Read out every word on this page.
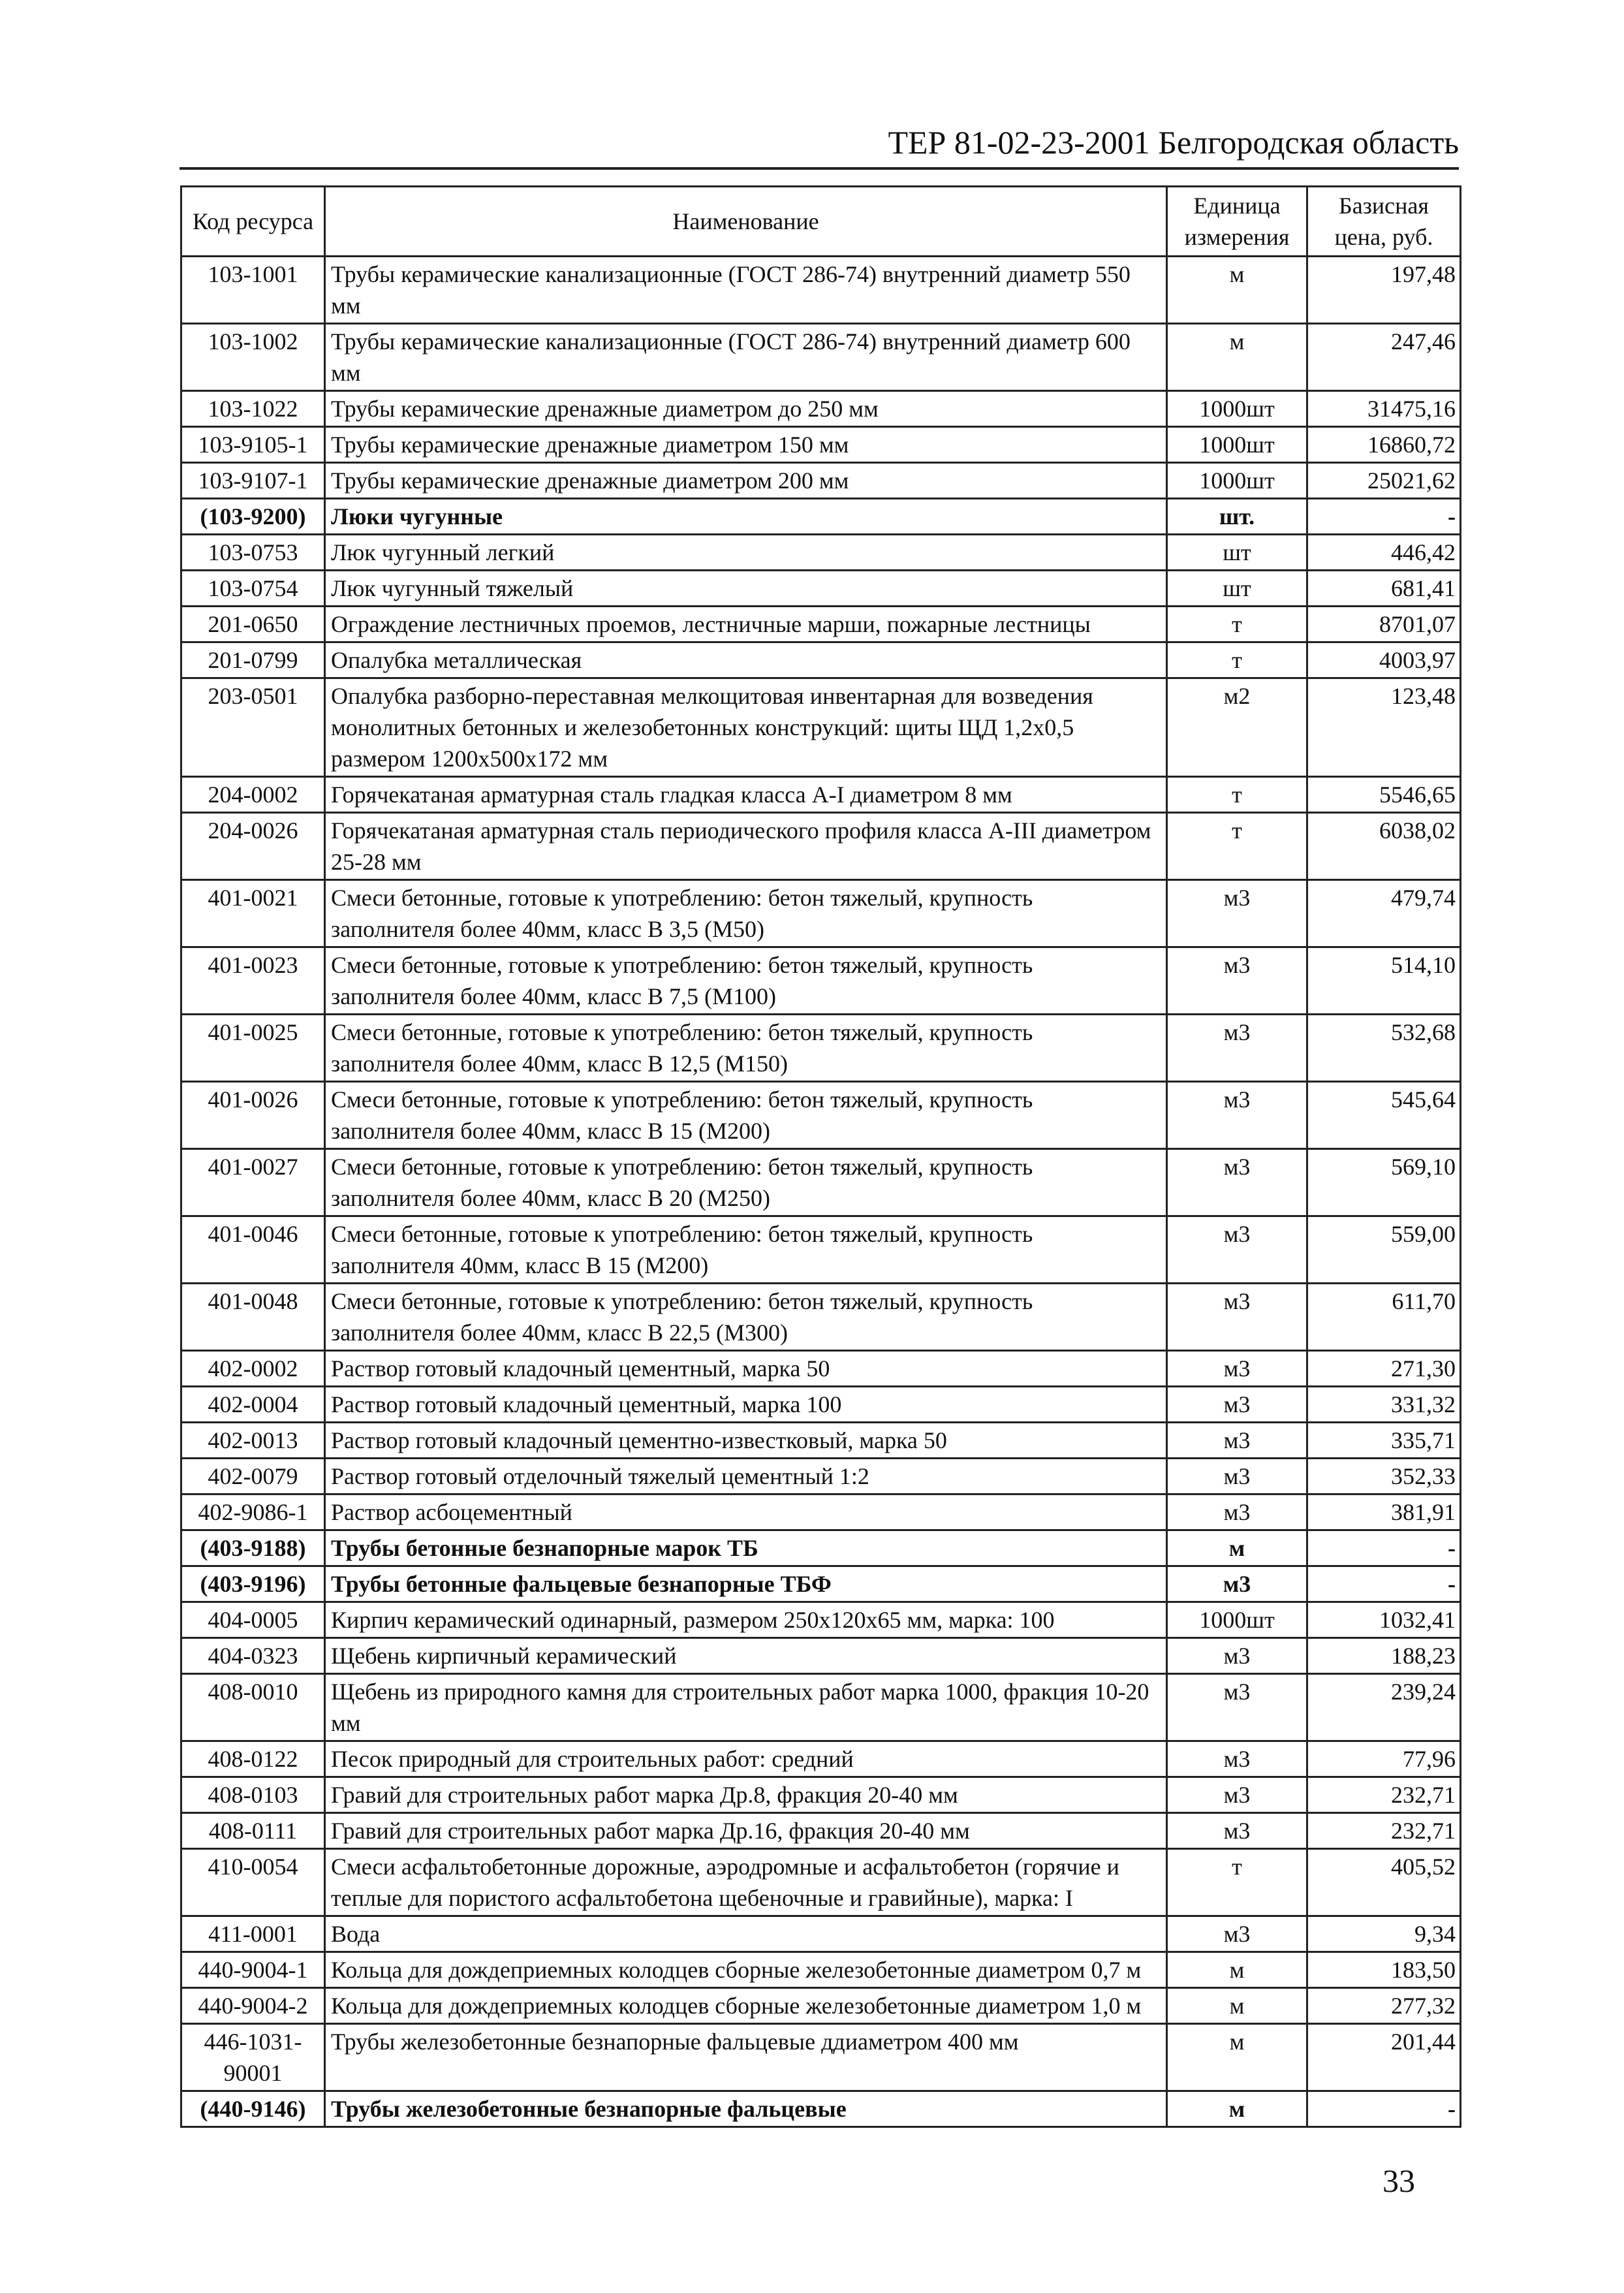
ТЕР 81-02-23-2001 Белгородская область
Код ресурса	Наименование	Единица измерения	Базисная цена, руб.
103-1001	Трубы керамические канализационные (ГОСТ 286-74) внутренний диаметр 550 мм	м	197,48
103-1002	Трубы керамические канализационные (ГОСТ 286-74) внутренний диаметр 600 мм	м	247,46
103-1022	Трубы керамические дренажные диаметром до 250 мм	1000шт	31475,16
103-9105-1	Трубы керамические дренажные диаметром 150 мм	1000шт	16860,72
103-9107-1	Трубы керамические дренажные диаметром 200 мм	1000шт	25021,62
(103-9200)	Люки чугунные	шт.	-
103-0753	Люк чугунный легкий	шт	446,42
103-0754	Люк чугунный тяжелый	шт	681,41
201-0650	Ограждение лестничных проемов, лестничные марши, пожарные лестницы	т	8701,07
201-0799	Опалубка металлическая	т	4003,97
203-0501	Опалубка разборно-переставная мелкощитовая инвентарная для возведения монолитных бетонных и железобетонных конструкций: щиты ЩД 1,2х0,5 размером 1200х500х172 мм	м2	123,48
204-0002	Горячекатаная арматурная сталь гладкая класса А-I диаметром 8 мм	т	5546,65
204-0026	Горячекатаная арматурная сталь периодического профиля класса А-III диаметром 25-28 мм	т	6038,02
401-0021	Смеси бетонные, готовые к употреблению: бетон тяжелый, крупность заполнителя более 40мм, класс В 3,5 (М50)	м3	479,74
401-0023	Смеси бетонные, готовые к употреблению: бетон тяжелый, крупность заполнителя более 40мм, класс В 7,5 (М100)	м3	514,10
401-0025	Смеси бетонные, готовые к употреблению: бетон тяжелый, крупность заполнителя более 40мм, класс В 12,5 (М150)	м3	532,68
401-0026	Смеси бетонные, готовые к употреблению: бетон тяжелый, крупность заполнителя более 40мм, класс В 15 (М200)	м3	545,64
401-0027	Смеси бетонные, готовые к употреблению: бетон тяжелый, крупность заполнителя более 40мм, класс В 20 (М250)	м3	569,10
401-0046	Смеси бетонные, готовые к употреблению: бетон тяжелый, крупность заполнителя 40мм, класс В 15 (М200)	м3	559,00
401-0048	Смеси бетонные, готовые к употреблению: бетон тяжелый, крупность заполнителя более 40мм, класс В 22,5 (М300)	м3	611,70
402-0002	Раствор готовый кладочный цементный, марка 50	м3	271,30
402-0004	Раствор готовый кладочный цементный, марка 100	м3	331,32
402-0013	Раствор готовый кладочный цементно-известковый, марка 50	м3	335,71
402-0079	Раствор готовый отделочный тяжелый цементный 1:2	м3	352,33
402-9086-1	Раствор асбоцементный	м3	381,91
(403-9188)	Трубы бетонные безнапорные марок ТБ	м	-
(403-9196)	Трубы бетонные фальцевые безнапорные ТБФ	м3	-
404-0005	Кирпич керамический одинарный, размером 250х120х65 мм, марка: 100	1000шт	1032,41
404-0323	Щебень кирпичный керамический	м3	188,23
408-0010	Щебень из природного камня для строительных работ марка 1000, фракция 10-20 мм	м3	239,24
408-0122	Песок природный для строительных работ: средний	м3	77,96
408-0103	Гравий для строительных работ марка Др.8, фракция 20-40 мм	м3	232,71
408-0111	Гравий для строительных работ марка Др.16, фракция 20-40 мм	м3	232,71
410-0054	Смеси асфальтобетонные дорожные, аэродромные и асфальтобетон (горячие и теплые для пористого асфальтобетона щебеночные и гравийные), марка: I	т	405,52
411-0001	Вода	м3	9,34
440-9004-1	Кольца для дождеприемных колодцев сборные железобетонные диаметром 0,7 м	м	183,50
440-9004-2	Кольца для дождеприемных колодцев сборные железобетонные диаметром 1,0 м	м	277,32
446-1031-90001	Трубы железобетонные безнапорные фальцевые ддиаметром 400 мм	м	201,44
(440-9146)	Трубы железобетонные безнапорные фальцевые	м	-
33
